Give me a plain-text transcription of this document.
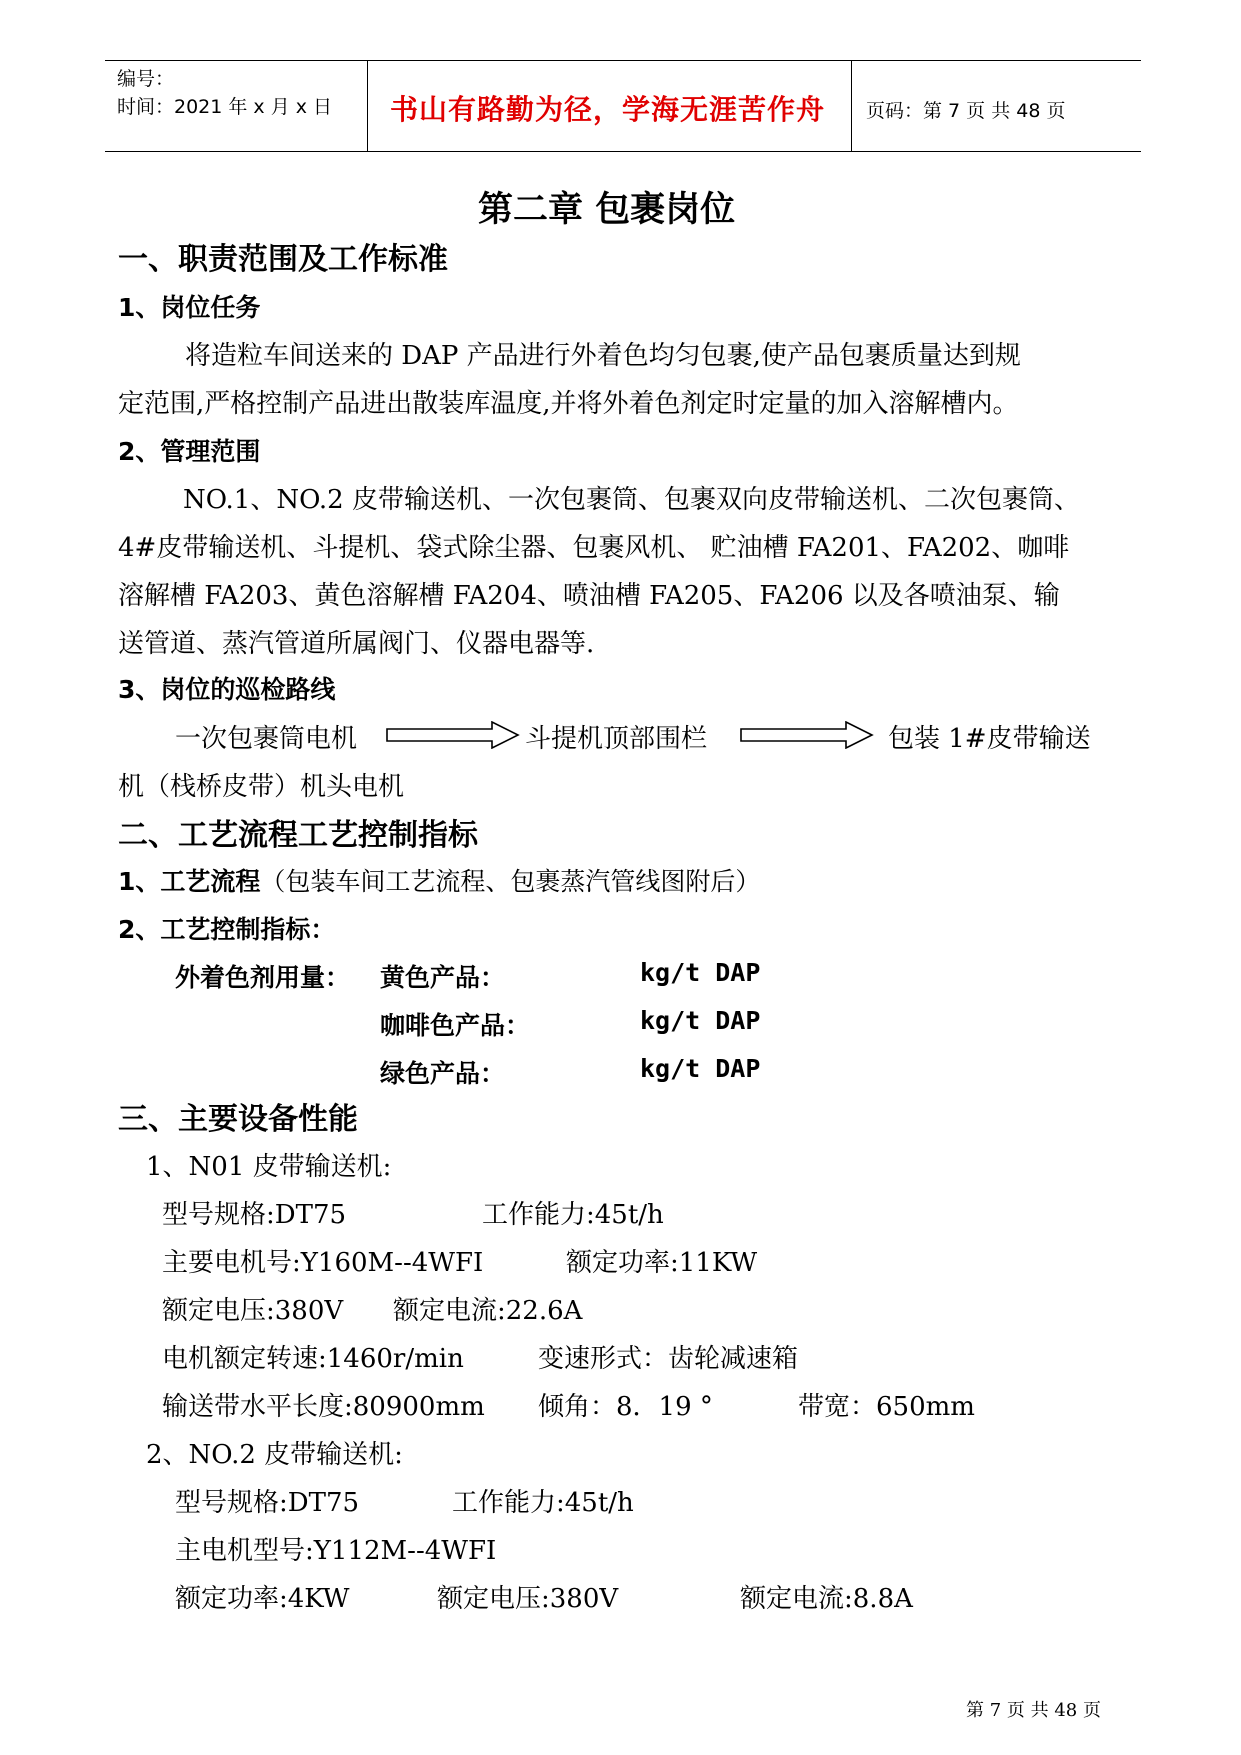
编号：
时间：2021 年 x 月 x 日 书山有路勤为径，学海无涯苦作舟 页码：第 7 页 共 48 页
第二章 包裹岗位
一、职责范围及工作标准
1、岗位任务
将造粒车间送来的 DAP 产品进行外着色均匀包裹,使产品包裹质量达到规
定范围,严格控制产品进出散装库温度,并将外着色剂定时定量的加入溶解槽内。
2、管理范围
NO.1、NO.2 皮带输送机、一次包裹筒、包裹双向皮带输送机、二次包裹筒、
4#皮带输送机、斗提机、袋式除尘器、包裹风机、 贮油槽 FA201、FA202、咖啡
溶解槽 FA203、黄色溶解槽 FA204、喷油槽 FA205、FA206 以及各喷油泵、输
送管道、蒸汽管道所属阀门、仪器电器等.
3、岗位的巡检路线
一次包裹筒电机	斗提机顶部围栏	包装 1#皮带输送
机（栈桥皮带）机头电机
二、工艺流程工艺控制指标
1、工艺流程（包装车间工艺流程、包裹蒸汽管线图附后）
2、工艺控制指标：
外着色剂用量： 黄色产品：	kg/t DAP
咖啡色产品：	kg/t DAP
绿色产品：	kg/t DAP
三、主要设备性能
1、N01 皮带输送机:
型号规格:DT75	工作能力:45t/h
主要电机号:Y160M--4WFI	额定功率:11KW
额定电压:380V 额定电流:22.6A
电机额定转速:1460r/min	变速形式：齿轮减速箱
输送带水平长度:80900mm 倾角：8．19 °	带宽：650mm
2、NO.2 皮带输送机:
型号规格:DT75	工作能力:45t/h
主电机型号:Y112M--4WFI
额定功率:4KW	额定电压:380V	额定电流:8.8A
第 7 页 共 48 页
